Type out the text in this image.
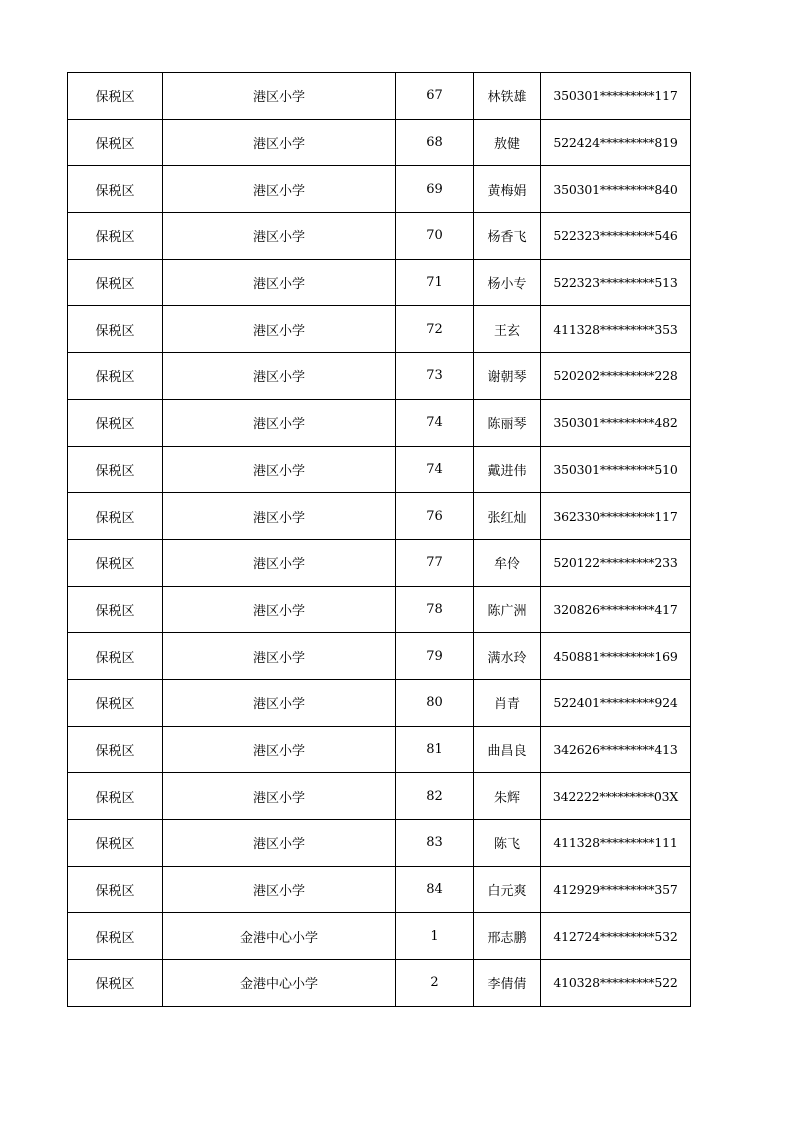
保税区	港区小学	67	林铁雄	350301*********117
保税区	港区小学	68	敖健	522424*********819
保税区	港区小学	69	黄梅娟	350301*********840
保税区	港区小学	70	杨香飞	522323*********546
保税区	港区小学	71	杨小专	522323*********513
保税区	港区小学	72	王玄	411328*********353
保税区	港区小学	73	谢朝琴	520202*********228
保税区	港区小学	74	陈丽琴	350301*********482
保税区	港区小学	74	戴进伟	350301*********510
保税区	港区小学	76	张红灿	362330*********117
保税区	港区小学	77	牟伶	520122*********233
保税区	港区小学	78	陈广洲	320826*********417
保税区	港区小学	79	满水玲	450881*********169
保税区	港区小学	80	肖青	522401*********924
保税区	港区小学	81	曲昌良	342626*********413
保税区	港区小学	82	朱辉	342222*********03X
保税区	港区小学	83	陈飞	411328*********111
保税区	港区小学	84	白元爽	412929*********357
保税区	金港中心小学	1	邢志鹏	412724*********532
保税区	金港中心小学	2	李倩倩	410328*********522
